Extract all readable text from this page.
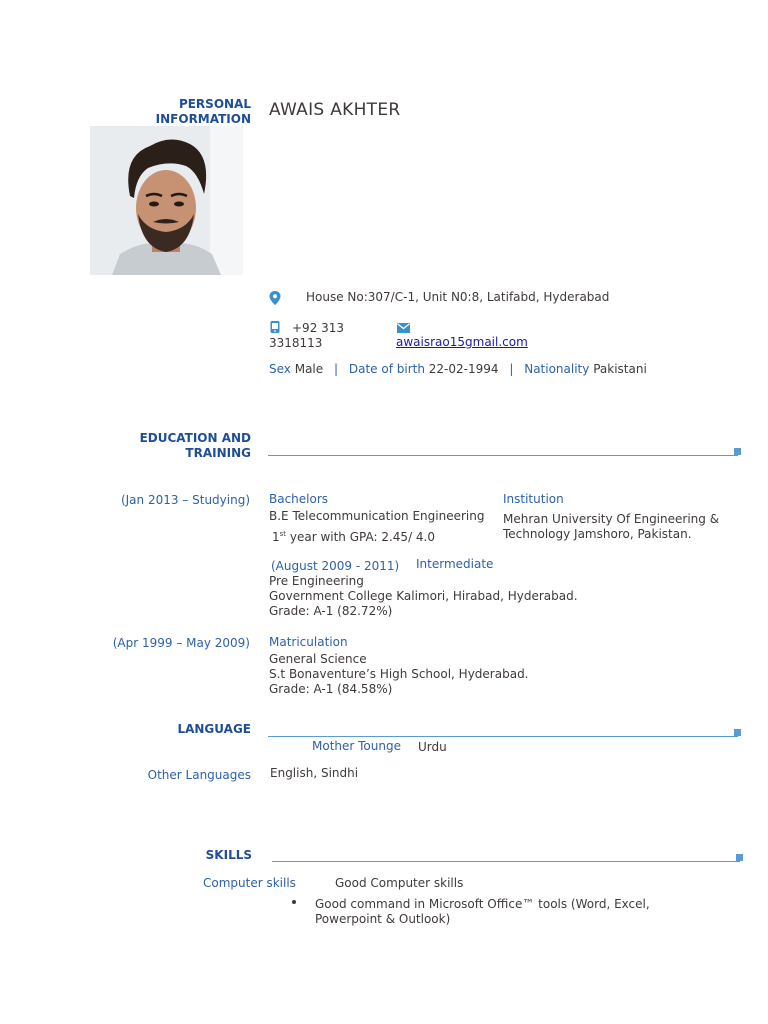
PERSONAL INFORMATION AWAIS AKHTER
House No:307/C-1, Unit N0:8, Latifabd, Hyderabad
+92 313
3318113	awaisrao15gmail.com
Sex Male | Date of birth 22-02-1994 | Nationality Pakistani
EDUCATION AND TRAINING
(Jan 2013 – Studying) Bachelors
B.E Telecommunication Engineering
1st year with GPA: 2.45/ 4.0
Institution
Mehran University Of Engineering &
Technology Jamshoro, Pakistan.
(August 2009 - 2011) Intermediate
Pre Engineering
Government College Kalimori, Hirabad, Hyderabad.
Grade: A-1 (82.72%)
(Apr 1999 – May 2009) Matriculation
General Science
S.t Bonaventure’s High School, Hyderabad.
Grade: A-1 (84.58%)
LANGUAGE
Mother Tounge Urdu
Other Languages English, Sindhi
SKILLS
Computer skills	Good Computer skills
Good command in Microsoft Office™ tools (Word, Excel,
Powerpoint & Outlook)
